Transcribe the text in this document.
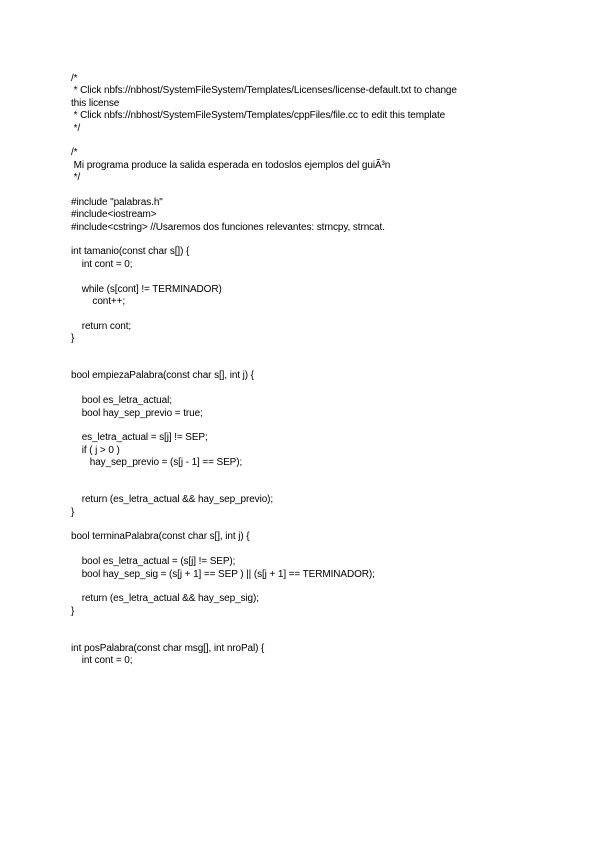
/*
* Click nbfs://nbhost/SystemFileSystem/Templates/Licenses/license-default.txt to change
this license
* Click nbfs://nbhost/SystemFileSystem/Templates/cppFiles/file.cc to edit this template
*/
/*
Mi programa produce la salida esperada en todoslos ejemplos del guiÃ³n
*/
#include "palabras.h"
#include<iostream>
#include<cstring> //Usaremos dos funciones relevantes: strncpy, strncat.
int tamanio(const char s[]) {
int cont = 0;
while (s[cont] != TERMINADOR)
cont++;
return cont;
}
bool empiezaPalabra(const char s[], int j) {
bool es_letra_actual;
bool hay_sep_previo = true;
es_letra_actual = s[j] != SEP;
if ( j > 0 )
hay_sep_previo = (s[j - 1] == SEP);
return (es_letra_actual && hay_sep_previo);
}
bool terminaPalabra(const char s[], int j) {
bool es_letra_actual = (s[j] != SEP);
bool hay_sep_sig = (s[j + 1] == SEP ) || (s[j + 1] == TERMINADOR);
return (es_letra_actual && hay_sep_sig);
}
int posPalabra(const char msg[], int nroPal) {
int cont = 0;
